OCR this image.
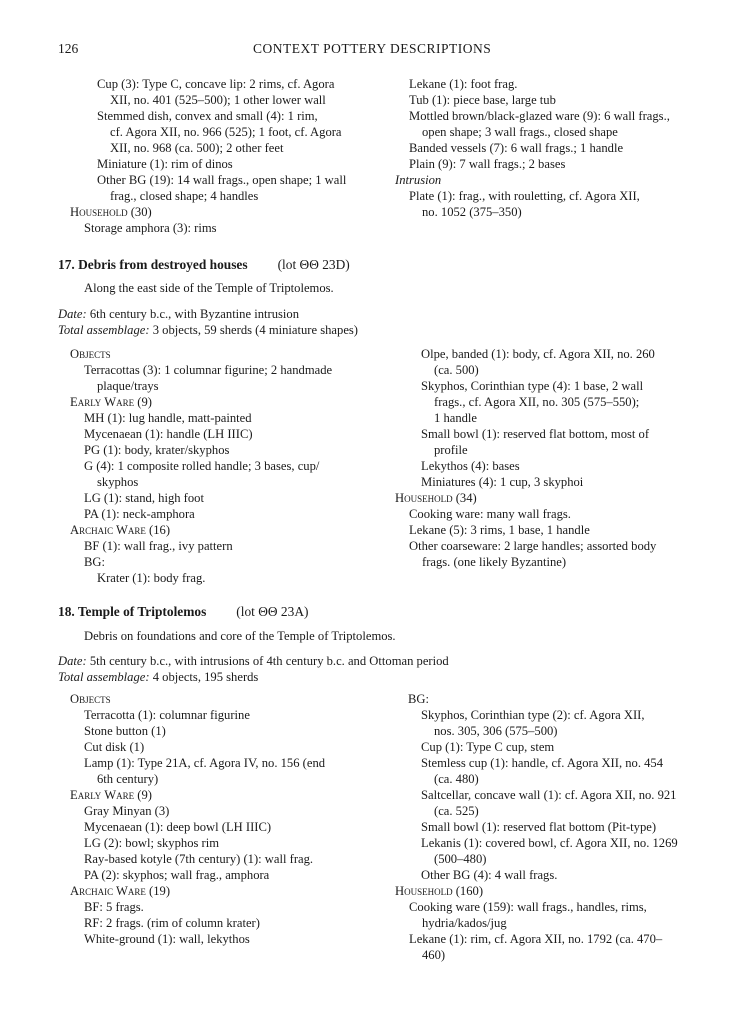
126	CONTEXT POTTERY DESCRIPTIONS
Cup (3): Type C, concave lip: 2 rims, cf. Agora
XII, no. 401 (525–500); 1 other lower wall
Stemmed dish, convex and small (4): 1 rim,
cf. Agora XII, no. 966 (525); 1 foot, cf. Agora
XII, no. 968 (ca. 500); 2 other feet
Miniature (1): rim of dinos
Other BG (19): 14 wall frags., open shape; 1 wall
frag., closed shape; 4 handles
Household (30)
Storage amphora (3): rims
Lekane (1): foot frag.
Tub (1): piece base, large tub
Mottled brown/black-glazed ware (9): 6 wall frags.,
open shape; 3 wall frags., closed shape
Banded vessels (7): 6 wall frags.; 1 handle
Plain (9): 7 wall frags.; 2 bases
Intrusion
Plate (1): frag., with rouletting, cf. Agora XII,
no. 1052 (375–350)
17. Debris from destroyed houses (lot ΘΘ 23D)
Along the east side of the Temple of Triptolemos.
Date: 6th century b.c., with Byzantine intrusion
Total assemblage: 3 objects, 59 sherds (4 miniature shapes)
Objects
Terracottas (3): 1 columnar figurine; 2 handmade
plaque/trays
Early Ware (9)
MH (1): lug handle, matt-painted
Mycenaean (1): handle (LH IIIC)
PG (1): body, krater/skyphos
G (4): 1 composite rolled handle; 3 bases, cup/
skyphos
LG (1): stand, high foot
PA (1): neck-amphora
Archaic Ware (16)
BF (1): wall frag., ivy pattern
BG:
Krater (1): body frag.
Olpe, banded (1): body, cf. Agora XII, no. 260
(ca. 500)
Skyphos, Corinthian type (4): 1 base, 2 wall
frags., cf. Agora XII, no. 305 (575–550);
1 handle
Small bowl (1): reserved flat bottom, most of
profile
Lekythos (4): bases
Miniatures (4): 1 cup, 3 skyphoi
Household (34)
Cooking ware: many wall frags.
Lekane (5): 3 rims, 1 base, 1 handle
Other coarseware: 2 large handles; assorted body
frags. (one likely Byzantine)
18. Temple of Triptolemos (lot ΘΘ 23A)
Debris on foundations and core of the Temple of Triptolemos.
Date: 5th century b.c., with intrusions of 4th century b.c. and Ottoman period
Total assemblage: 4 objects, 195 sherds
Objects
Terracotta (1): columnar figurine
Stone button (1)
Cut disk (1)
Lamp (1): Type 21A, cf. Agora IV, no. 156 (end
6th century)
Early Ware (9)
Gray Minyan (3)
Mycenaean (1): deep bowl (LH IIIC)
LG (2): bowl; skyphos rim
Ray-based kotyle (7th century) (1): wall frag.
PA (2): skyphos; wall frag., amphora
Archaic Ware (19)
BF: 5 frags.
RF: 2 frags. (rim of column krater)
White-ground (1): wall, lekythos
BG:
Skyphos, Corinthian type (2): cf. Agora XII,
nos. 305, 306 (575–500)
Cup (1): Type C cup, stem
Stemless cup (1): handle, cf. Agora XII, no. 454
(ca. 480)
Saltcellar, concave wall (1): cf. Agora XII, no. 921
(ca. 525)
Small bowl (1): reserved flat bottom (Pit-type)
Lekanis (1): covered bowl, cf. Agora XII, no. 1269
(500–480)
Other BG (4): 4 wall frags.
Household (160)
Cooking ware (159): wall frags., handles, rims,
hydria/kados/jug
Lekane (1): rim, cf. Agora XII, no. 1792 (ca. 470–
460)
